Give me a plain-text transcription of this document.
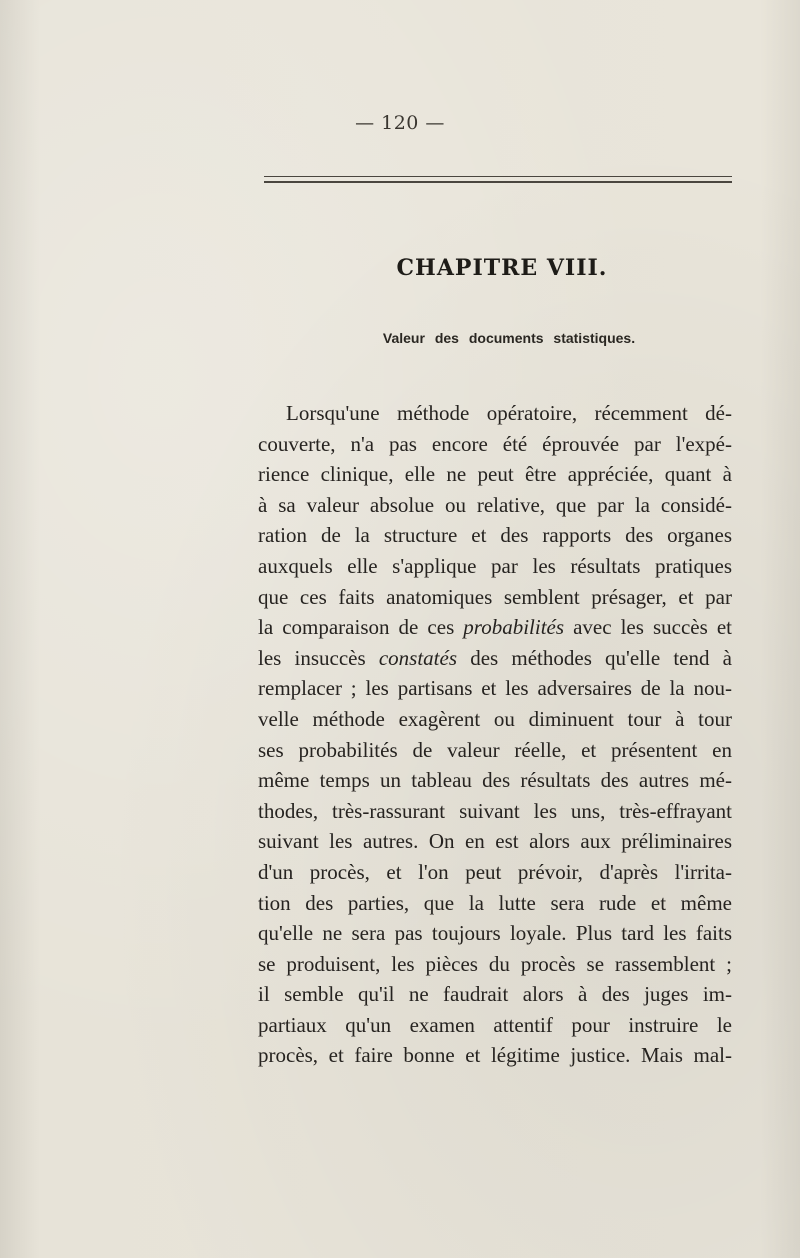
— 120 —
CHAPITRE VIII.
Valeur des documents statistiques.
Lorsqu'une méthode opératoire, récemment dé-
couverte, n'a pas encore été éprouvée par l'expé-
rience clinique, elle ne peut être appréciée, quant à
à sa valeur absolue ou relative, que par la considé-
ration de la structure et des rapports des organes
auxquels elle s'applique par les résultats pratiques
que ces faits anatomiques semblent présager, et par
la comparaison de ces probabilités avec les succès et
les insuccès constatés des méthodes qu'elle tend à
remplacer ; les partisans et les adversaires de la nou-
velle méthode exagèrent ou diminuent tour à tour
ses probabilités de valeur réelle, et présentent en
même temps un tableau des résultats des autres mé-
thodes, très-rassurant suivant les uns, très-effrayant
suivant les autres. On en est alors aux préliminaires
d'un procès, et l'on peut prévoir, d'après l'irrita-
tion des parties, que la lutte sera rude et même
qu'elle ne sera pas toujours loyale. Plus tard les faits
se produisent, les pièces du procès se rassemblent ;
il semble qu'il ne faudrait alors à des juges im-
partiaux qu'un examen attentif pour instruire le
procès, et faire bonne et légitime justice. Mais mal-
